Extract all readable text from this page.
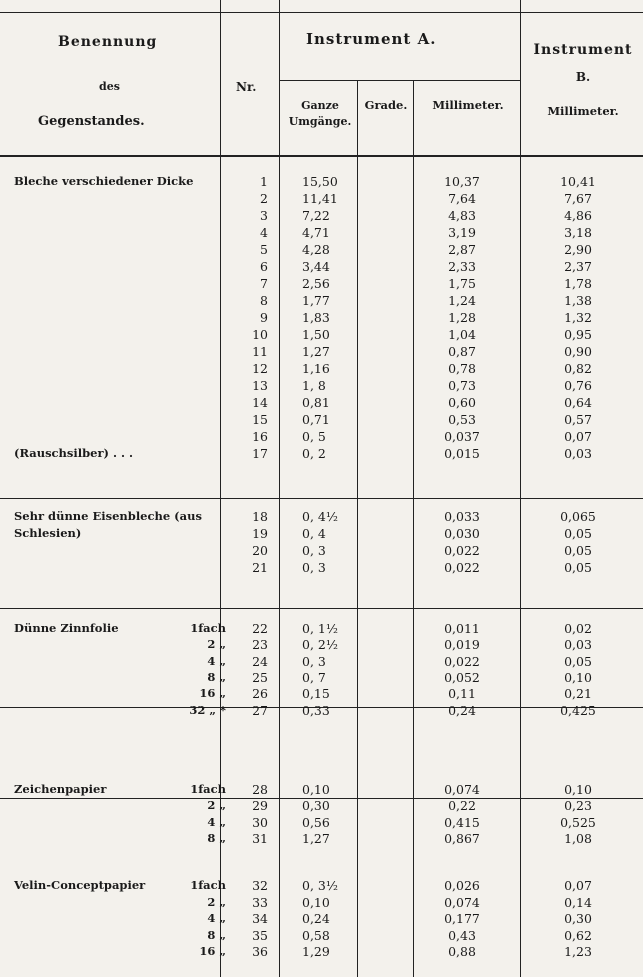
Benennung
des
Gegenstandes.
Instrument A.
Nr.
Ganze Umgänge.
Grade.	Millimeter.
Instrument
B.
Millimeter.
Bleche verschiedener Dicke	1	15,50	10,37	10,41
2	11,41	7,64	7,67
3	7,22	4,83	4,86
4	4,71	3,19	3,18
5	4,28	2,87	2,90
6	3,44	2,33	2,37
7	2,56	1,75	1,78
8	1,77	1,24	1,38
9	1,83	1,28	1,32
10	1,50	1,04	0,95
11	1,27	0,87	0,90
12	1,16	0,78	0,82
13	1, 8	0,73	0,76
14	0,81	0,60	0,64
15	0,71	0,53	0,57
16	0, 5	0,037	0,07
(Rauschsilber) . . .	17	0, 2	0,015	0,03
Sehr dünne Eisenbleche (aus	18	0, 4½	0,033	0,065
Schlesien)	19	0, 4	0,030	0,05
20	0, 3	0,022	0,05
21	0, 3	0,022	0,05
Dünne Zinnfolie	1fach	22	0, 1½	0,011	0,02
2 „	23	0, 2½	0,019	0,03
4 „	24	0, 3	0,022	0,05
8 „	25	0, 7	0,052	0,10
16 „	26	0,15	0,11	0,21
32 „ *	27	0,33	0,24	0,425
Zeichenpapier	1fach	28	0,10	0,074	0,10
2 „	29	0,30	0,22	0,23
4 „	30	0,56	0,415	0,525
8 „	31	1,27	0,867	1,08
Velin-Conceptpapier	1fach	32	0, 3½	0,026	0,07
2 „	33	0,10	0,074	0,14
4 „	34	0,24	0,177	0,30
8 „	35	0,58	0,43	0,62
16 „	36	1,29	0,88	1,23
